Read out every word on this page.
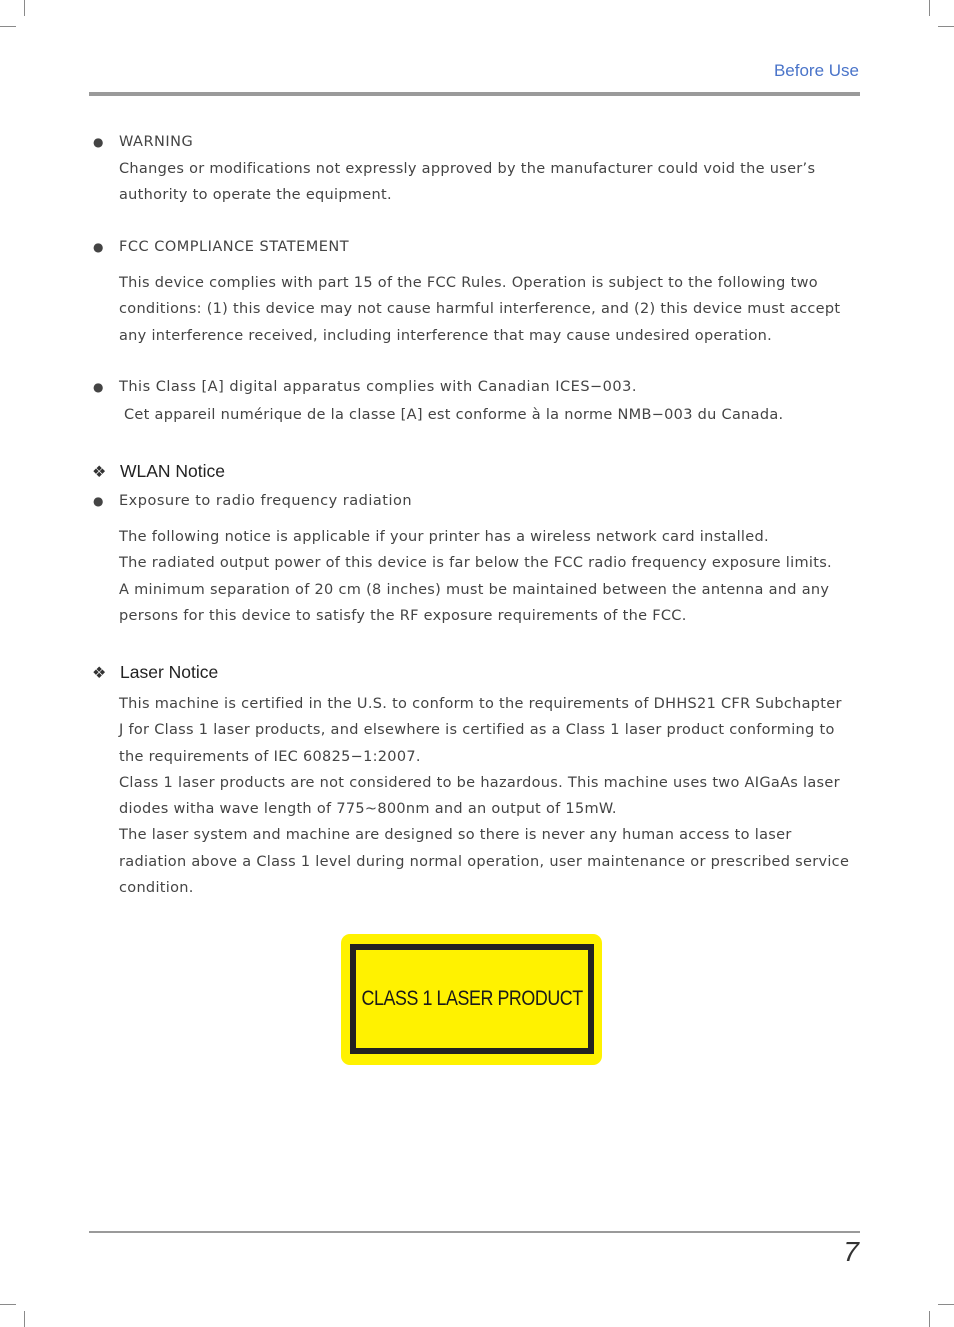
Before Use
● WARNING
Changes or modifications not expressly approved by the manufacturer could void the user’s
authority to operate the equipment.
● FCC COMPLIANCE STATEMENT
This device complies with part 15 of the FCC Rules. Operation is subject to the following two
conditions: (1) this device may not cause harmful interference, and (2) this device must accept
any interference received, including interference that may cause undesired operation.
● This Class [A] digital apparatus complies with Canadian ICES−003.
Cet appareil numérique de la classe [A] est conforme à la norme NMB−003 du Canada.
❖ WLAN Notice
● Exposure to radio frequency radiation
The following notice is applicable if your printer has a wireless network card installed.
The radiated output power of this device is far below the FCC radio frequency exposure limits.
A minimum separation of 20 cm (8 inches) must be maintained between the antenna and any
persons for this device to satisfy the RF exposure requirements of the FCC.
❖ Laser Notice
This machine is certified in the U.S. to conform to the requirements of DHHS21 CFR Subchapter
J for Class 1 laser products, and elsewhere is certified as a Class 1 laser product conforming to
the requirements of IEC 60825−1:2007.
Class 1 laser products are not considered to be hazardous. This machine uses two AIGaAs laser
diodes witha wave length of 775~800nm and an output of 15mW.
The laser system and machine are designed so there is never any human access to laser
radiation above a Class 1 level during normal operation, user maintenance or prescribed service
condition.
CLASS 1 LASER PRODUCT
7
